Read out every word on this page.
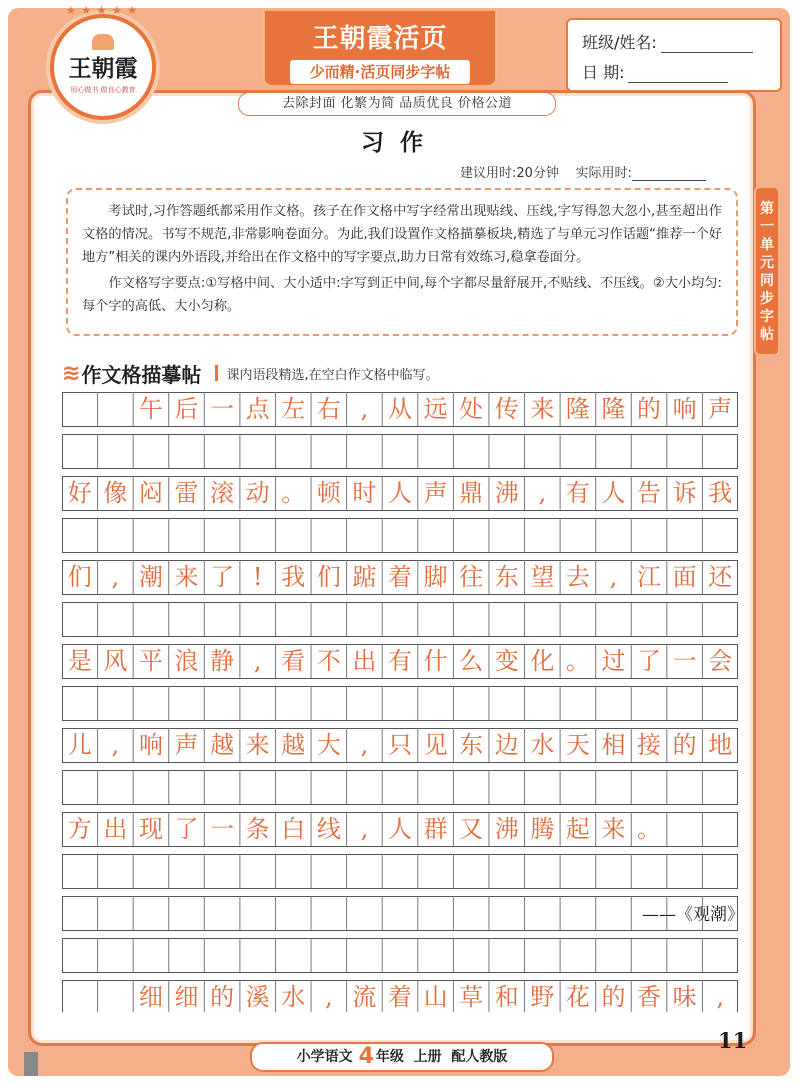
★ ★ ★ ★ ★
王朝霞
用心做书 做良心教育
王朝霞活页
少而精·活页同步字帖
班级/姓名:
日 期:
去除封面 化繁为简 品质优良 价格公道
习作
建议用时:20分钟 实际用时:

考试时,习作答题纸都采用作文格。孩子在作文格中写字经常出现贴线、压线,字写得忽大忽小,甚至超出作文格的情况。书写不规范,非常影响卷面分。为此,我们设置作文格描摹板块,精选了与单元习作话题“推荐一个好地方”相关的课内外语段,并给出在作文格中的写字要点,助力日常有效练习,稳拿卷面分。

作文格写字要点:①写格中间、大小适中:字写到正中间,每个字都尽量舒展开,不贴线、不压线。②大小均匀:每个字的高低、大小匀称。

第
一
单
元
同
步
字
帖
≋ 作文格描摹帖 课内语段精选,在空白作文格中临写。
午 后 一 点 左 右 , 从 远 处 传 来 隆 隆 的 响 声
好 像 闷 雷 滚 动 。 顿 时 人 声 鼎 沸 , 有 人 告 诉 我
们 , 潮 来 了 ! 我 们 踮 着 脚 往 东 望 去 , 江 面 还
是 风 平 浪 静 , 看 不 出 有 什 么 变 化 。 过 了 一 会
儿 , 响 声 越 来 越 大 , 只 见 东 边 水 天 相 接 的 地
方 出 现 了 一 条 白 线 , 人 群 又 沸 腾 起 来 。
细 细 的 溪 水 , 流 着 山 草 和 野 花 的 香 味 ,
——《观潮》
小学语文 4 年级 上册 配人教版
11
